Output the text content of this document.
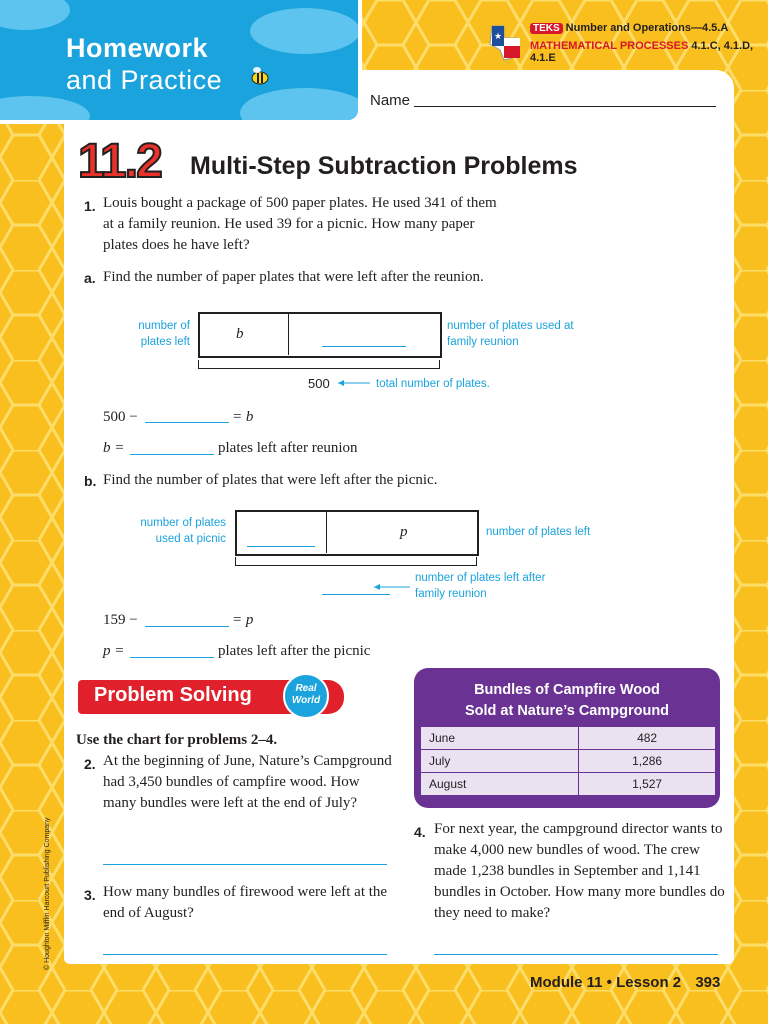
Homework
and Practice
★
TEKS Number and Operations—4.5.A
MATHEMATICAL PROCESSES 4.1.C, 4.1.D,
4.1.E
Name
11.2 Multi-Step Subtraction Problems
1. Louis bought a package of 500 paper plates. He used 341 of them at a family reunion. He used 39 for a picnic. How many paper plates does he have left?
a. Find the number of paper plates that were left after the reunion.
number of plates left	b	number of plates used at family reunion
500	total number of plates.
500 −	= b
b =	plates left after reunion
b. Find the number of plates that were left after the picnic.
number of plates used at picnic	p	number of plates left
number of plates left after family reunion
159 −	= p
p =	plates left after the picnic
Problem Solving	Real
World
Use the chart for problems 2–4.
2. At the beginning of June, Nature’s Campground had 3,450 bundles of campfire wood. How many bundles were left at the end of July?
3. How many bundles of firewood were left at the end of August?
Bundles of Campfire Wood
Sold at Nature’s Campground
June	482
July	1,286
August	1,527
4. For next year, the campground director wants to make 4,000 new bundles of wood. The crew made 1,238 bundles in September and 1,141 bundles in October. How many more bundles do they need to make?
Module 11 • Lesson 2 393
© Houghton Mifflin Harcourt Publishing Company
